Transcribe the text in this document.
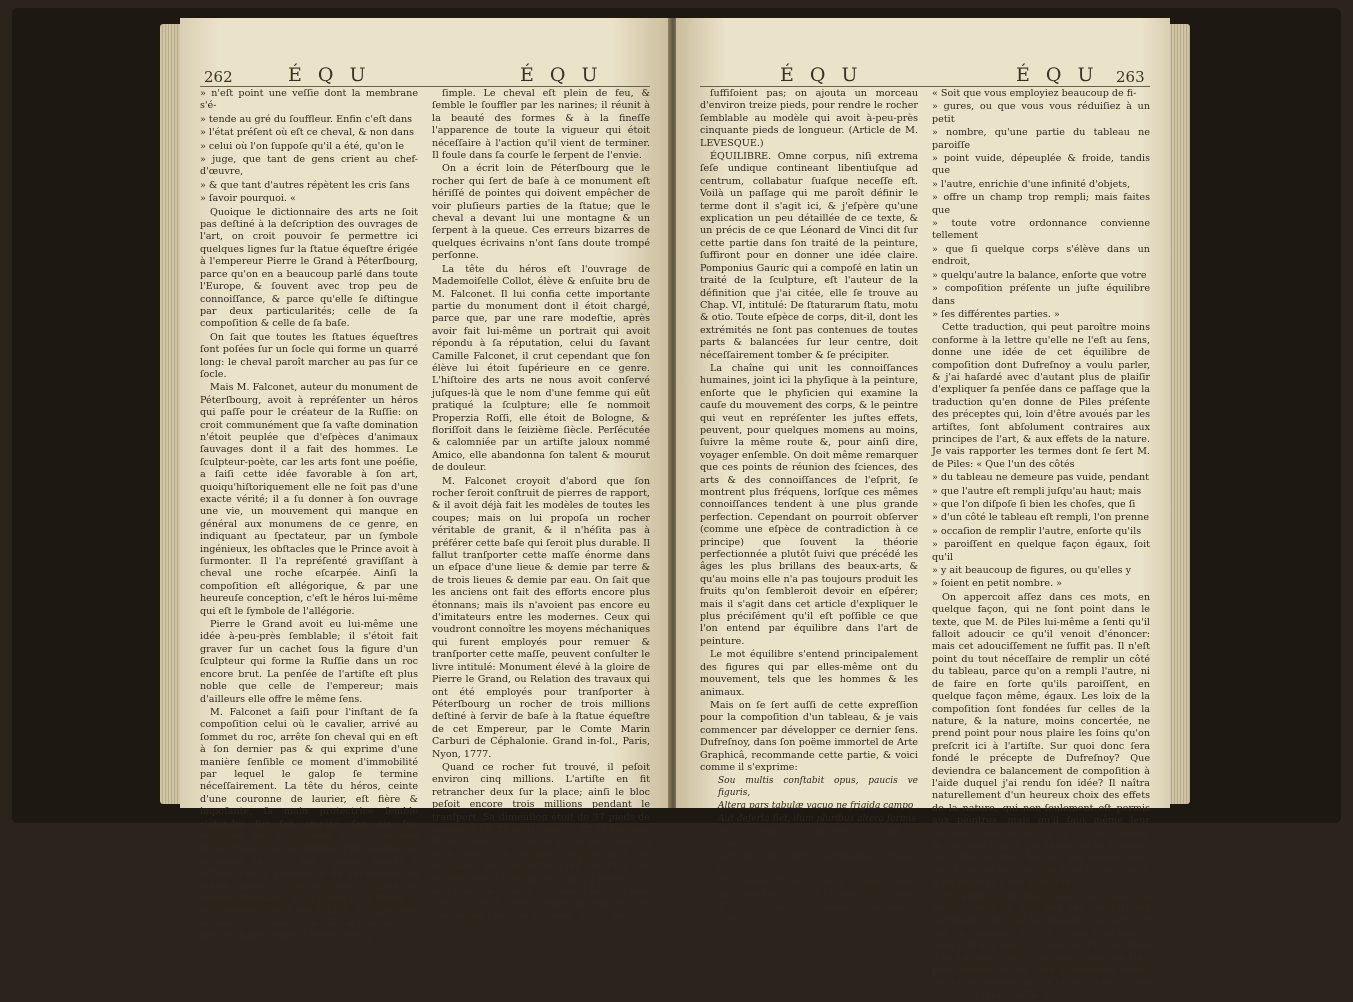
262	É Q U	É Q U

» n'eſt point une veſſie dont la membrane s'é-

» tende au gré du ſouffleur. Enfin c'eſt dans

» l'état préſent où eſt ce cheval, & non dans

» celui où l'on ſuppoſe qu'il a été, qu'on le

» juge, que tant de gens crient au chef-d'œuvre,

» & que tant d'autres répètent les cris ſans

» ſavoir pourquoi. «

Quoique le dictionnaire des arts ne ſoit pas deſtiné à la deſcription des ouvrages de l'art, on croit pouvoir ſe permettre ici quelques lignes ſur la ſtatue équeſtre érigée à l'empereur Pierre le Grand à Péterſbourg, parce qu'on en a beaucoup parlé dans toute l'Europe, & ſouvent avec trop peu de connoiſſance, & parce qu'elle ſe diſtingue par deux particularités; celle de ſa compoſition & celle de ſa baſe.

On ſait que toutes les ſtatues équeſtres ſont poſées ſur un ſocle qui forme un quarré long: le cheval paroît marcher au pas ſur ce ſocle.

Mais M. Falconet, auteur du monument de Péterſbourg, avoit à repréſenter un héros qui paſſe pour le créateur de la Ruſſie: on croit communément que ſa vaſte domination n'étoit peuplée que d'eſpèces d'animaux ſauvages dont il a fait des hommes. Le ſculpteur-poète, car les arts font une poéſie, a ſaiſi cette idée favorable à ſon art, quoiqu'hiſtoriquement elle ne ſoit pas d'une exacte vérité; il a ſu donner à ſon ouvrage une vie, un mouvement qui manque en général aux monumens de ce genre, en indiquant au ſpectateur, par un ſymbole ingénieux, les obſtacles que le Prince avoit à ſurmonter. Il l'a repréſenté graviſſant à cheval une roche eſcarpée. Ainſi la compoſition eſt allégorique, & par une heureuſe conception, c'eſt le héros lui-même qui eſt le ſymbole de l'allégorie.

Pierre le Grand avoit eu lui-même une idée à-peu-près ſemblable; il s'étoit fait graver ſur un cachet ſous la figure d'un ſculpteur qui forme la Ruſſie dans un roc encore brut. La penſée de l'artiſte eſt plus noble que celle de l'empereur; mais d'ailleurs elle offre le même ſens.

M. Falconet a ſaiſi pour l'inſtant de ſa compoſition celui où le cavalier, arrivé au ſommet du roc, arrête ſon cheval qui en eſt à ſon dernier pas & qui exprime d'une manière ſenſible ce moment d'immobilité par lequel le galop ſe termine néceſſairement. La tête du héros, ceinte d'une couronne de laurier, eſt fière & impoſante, ſa main protectrice ſemble s'étendre ſur ſon empire; ſon air, ſon maintien, ſont majeſtueux, mais n'ont rien de terrible: tous la dignité d'un maître, on reconnoît un père. Son vêtement, ſimple & pittoreſque, a l'avantage de reſſembler en même temps à celui qu'avoient adopté les anciens ſtatuaires de la Grèce & de Rome, & de rappeller celui des Ruſſes. Un manteau doublé de pelleterie détruit artiſtement ce que cet habit pourroit avoir de trop

ſimple. Le cheval eſt plein de feu, & ſemble le ſouffler par les narines; il réunit à la beauté des formes & à la fineſſe l'apparence de toute la vigueur qui étoit néceſſaire à l'action qu'il vient de terminer. Il foule dans ſa courſe le ſerpent de l'envie.

On a écrit loin de Péterſbourg que le rocher qui ſert de baſe à ce monument eſt hériſſé de pointes qui doivent empêcher de voir pluſieurs parties de la ſtatue; que le cheval a devant lui une montagne & un ſerpent à la queue. Ces erreurs bizarres de quelques écrivains n'ont ſans doute trompé perſonne.

La tête du héros eſt l'ouvrage de Mademoiſelle Collot, élève & enſuite bru de M. Falconet. Il lui confia cette importante partie du monument dont il étoit chargé, parce que, par une rare modeſtie, après avoir fait lui-même un portrait qui avoit répondu à ſa réputation, celui du ſavant Camille Falconet, il crut cependant que ſon élève lui étoit ſupérieure en ce genre. L'hiſtoire des arts ne nous avoit conſervé juſques-là que le nom d'une femme qui eût pratiqué la ſculpture; elle ſe nommoit Properzia Roſſi, elle étoit de Bologne, & floriſſoit dans le ſeizième ſiècle. Perſécutée & calomniée par un artiſte jaloux nommé Amico, elle abandonna ſon talent & mourut de douleur.

M. Falconet croyoit d'abord que ſon rocher ſeroit conſtruit de pierres de rapport, & il avoit déjà fait les modèles de toutes les coupes; mais on lui propoſa un rocher véritable de granit, & il n'héſita pas à préférer cette baſe qui ſeroit plus durable. Il fallut tranſporter cette maſſe énorme dans un eſpace d'une lieue & demie par terre & de trois lieues & demie par eau. On ſait que les anciens ont fait des efforts encore plus étonnans; mais ils n'avoient pas encore eu d'imitateurs entre les modernes. Ceux qui voudront connoître les moyens méchaniques qui furent employés pour remuer & tranſporter cette maſſe, peuvent conſulter le livre intitulé: Monument élevé à la gloire de Pierre le Grand, ou Relation des travaux qui ont été employés pour tranſporter à Péterſbourg un rocher de trois millions deſtiné à ſervir de baſe à la ſtatue équeſtre de cet Empereur, par le Comte Marin Carburi de Céphalonie. Grand in-fol., Paris, Nyon, 1777.

Quand ce rocher fut trouvé, il peſoit environ cinq millions. L'artiſte en fit retrancher deux ſur la place; ainſi le bloc peſoit encore trois millions pendant le tranſport. Sa dimenſion étoit de 37 pieds de longueur ſur 21 de largeur, & 22 de hauteur. M. Falconet lui a laiſſé ſa largeur vers la baſe, mais en la réduiſant juſqu'au haut par un talus qui conduiſoit l'œil au plan ſur lequel poſe le cheval: ce plan n'a qu'environ huit pieds de largeur. Comme il falloit que le cheval gravît une pente acceſſible, les trente-ſept pieds de longueur du roc ne

É Q U	É Q U 263

ſuffiſoient pas; on ajouta un morceau d'environ treize pieds, pour rendre le rocher ſemblable au modèle qui avoit à-peu-près cinquante pieds de longueur. (Article de M. LEVESQUE.)

ÉQUILIBRE. Omne corpus, niſi extrema ſeſe undique contineant libentiuſque ad centrum, collabatur ſuaſque neceſſe eſt. Voilà un paſſage qui me paroît définir le terme dont il s'agit ici, & j'eſpère qu'une explication un peu détaillée de ce texte, & un précis de ce que Léonard de Vinci dit ſur cette partie dans ſon traité de la peinture, ſuffiront pour en donner une idée claire. Pomponius Gauric qui a compoſé en latin un traité de la ſculpture, eſt l'auteur de la définition que j'ai citée, elle ſe trouve au Chap. VI, intitulé: De ſtaturarum ſtatu, motu & otio. Toute eſpèce de corps, dit-il, dont les extrémités ne ſont pas contenues de toutes parts & balancées ſur leur centre, doit néceſſairement tomber & ſe précipiter.

La chaîne qui unit les connoiſſances humaines, joint ici la phyſique à la peinture, enſorte que le phyſicien qui examine la cauſe du mouvement des corps, & le peintre qui veut en repréſenter les juſtes effets, peuvent, pour quelques momens au moins, ſuivre la même route &, pour ainſi dire, voyager enſemble. On doit même remarquer que ces points de réunion des ſciences, des arts & des connoiſſances de l'eſprit, ſe montrent plus fréquens, lorſque ces mêmes connoiſſances tendent à une plus grande perfection. Cependant on pourroit obſerver (comme une eſpèce de contradiction à ce principe) que ſouvent la théorie perfectionnée a plutôt ſuivi que précédé les âges les plus brillans des beaux-arts, & qu'au moins elle n'a pas toujours produit les fruits qu'on ſembleroit devoir en eſpérer; mais il s'agit dans cet article d'expliquer le plus préciſément qu'il eſt poſſible ce que l'on entend par équilibre dans l'art de peinture.

Le mot équilibre s'entend principalement des figures qui par elles-même ont du mouvement, tels que les hommes & les animaux.

Mais on ſe ſert auſſi de cette expreſſion pour la compoſition d'un tableau, & je vais commencer par développer ce dernier ſens. Dufreſnoy, dans ſon poëme immortel de Arte Graphicâ, recommande cette partie, & voici comme il s'exprime:

Sou multis conſtabit opus, paucis ve figuris,

Altera pars tabulæ vacuo ne frigida campo

Aut deſerta ſiet, dùm pluribus altera formis

Fervida mole ſuâ ſupremam exurgit ad oram.

Sed tibi ſic poſitis reſpondeat utraque rebus,

Ut ſi aliquid ſurſum ſe parte attollat in unâ,

Sic aliquid parte ex aliâ conſurgat & ambas

Æquiparet, geminas cumulando æqualiter oras.

« Soit que vous employiez beaucoup de fi-

» gures, ou que vous vous réduiſiez à un petit

» nombre, qu'une partie du tableau ne paroiſſe

» point vuide, dépeuplée & froide, tandis que

» l'autre, enrichie d'une infinité d'objets,

» offre un champ trop rempli; mais faites que

» toute votre ordonnance convienne tellement

» que ſi quelque corps s'élève dans un endroit,

» quelqu'autre la balance, enſorte que votre

» compoſition préſente un juſte équilibre dans

» ſes différentes parties. »

Cette traduction, qui peut paroître moins conforme à la lettre qu'elle ne l'eſt au ſens, donne une idée de cet équilibre de compoſition dont Dufreſnoy a voulu parler, & j'ai haſardé avec d'autant plus de plaiſir d'expliquer ſa penſée dans ce paſſage que la traduction qu'en donne de Piles préſente des préceptes qui, loin d'être avoués par les artiſtes, ſont abſolument contraires aux principes de l'art, & aux effets de la nature. Je vais rapporter les termes dont ſe ſert M. de Piles: « Que l'un des côtés

» du tableau ne demeure pas vuide, pendant

» que l'autre eſt rempli juſqu'au haut; mais

» que l'on diſpoſe ſi bien les choſes, que ſi

» d'un côté le tableau eſt rempli, l'on prenne

» occaſion de remplir l'autre, enſorte qu'ils

» paroiſſent en quelque façon égaux, ſoit qu'il

» y ait beaucoup de figures, ou qu'elles y

» ſoient en petit nombre. »

On appercoit aſſez dans ces mots, en quelque façon, qui ne ſont point dans le texte, que M. de Piles lui-même a ſenti qu'il falloit adoucir ce qu'il venoit d'énoncer: mais cet adouciſſement ne ſuffit pas. Il n'eſt point du tout néceſſaire de remplir un côté du tableau, parce qu'on a rempli l'autre, ni de faire en ſorte qu'ils paroiſſent, en quelque façon même, égaux. Les loix de la compoſition ſont fondées ſur celles de la nature, & la nature, moins concertée, ne prend point pour nous plaire les ſoins qu'on preſcrit ici à l'artiſte. Sur quoi donc ſera fondé le précepte de Dufreſnoy? Que deviendra ce balancement de compoſition à l'aide duquel j'ai rendu ſon idée? Il naîtra naturellement d'un heureux choix des effets de la nature, qui non-ſeulement eſt permis aux peintres, mais qu'il faut même leur recommander; il naîtra du rapprochement de certains objets que la nature ne préſente pas aſſez éloignés les uns des autres, pour qu'on ne ſoit pas autoriſé à les raſſembler & à les diſpoſer à ſon avantage.

En effet il eſt aſſez rare que, dans un endroit enrichi, ſoit par les productions naturelles, ſoit par les beautés de l'art, ſoit par un concours d'êtres vivans, il ſe trouve dans l'eſpace que l'on peut choiſir pour faire d'un tableau (c'eſt-à-dire dans celui que l'œil peut embraſſer) un côté abſolument dénué de toute eſpèce de richeſſes, tandis que l'autre en ſera comblé. La
